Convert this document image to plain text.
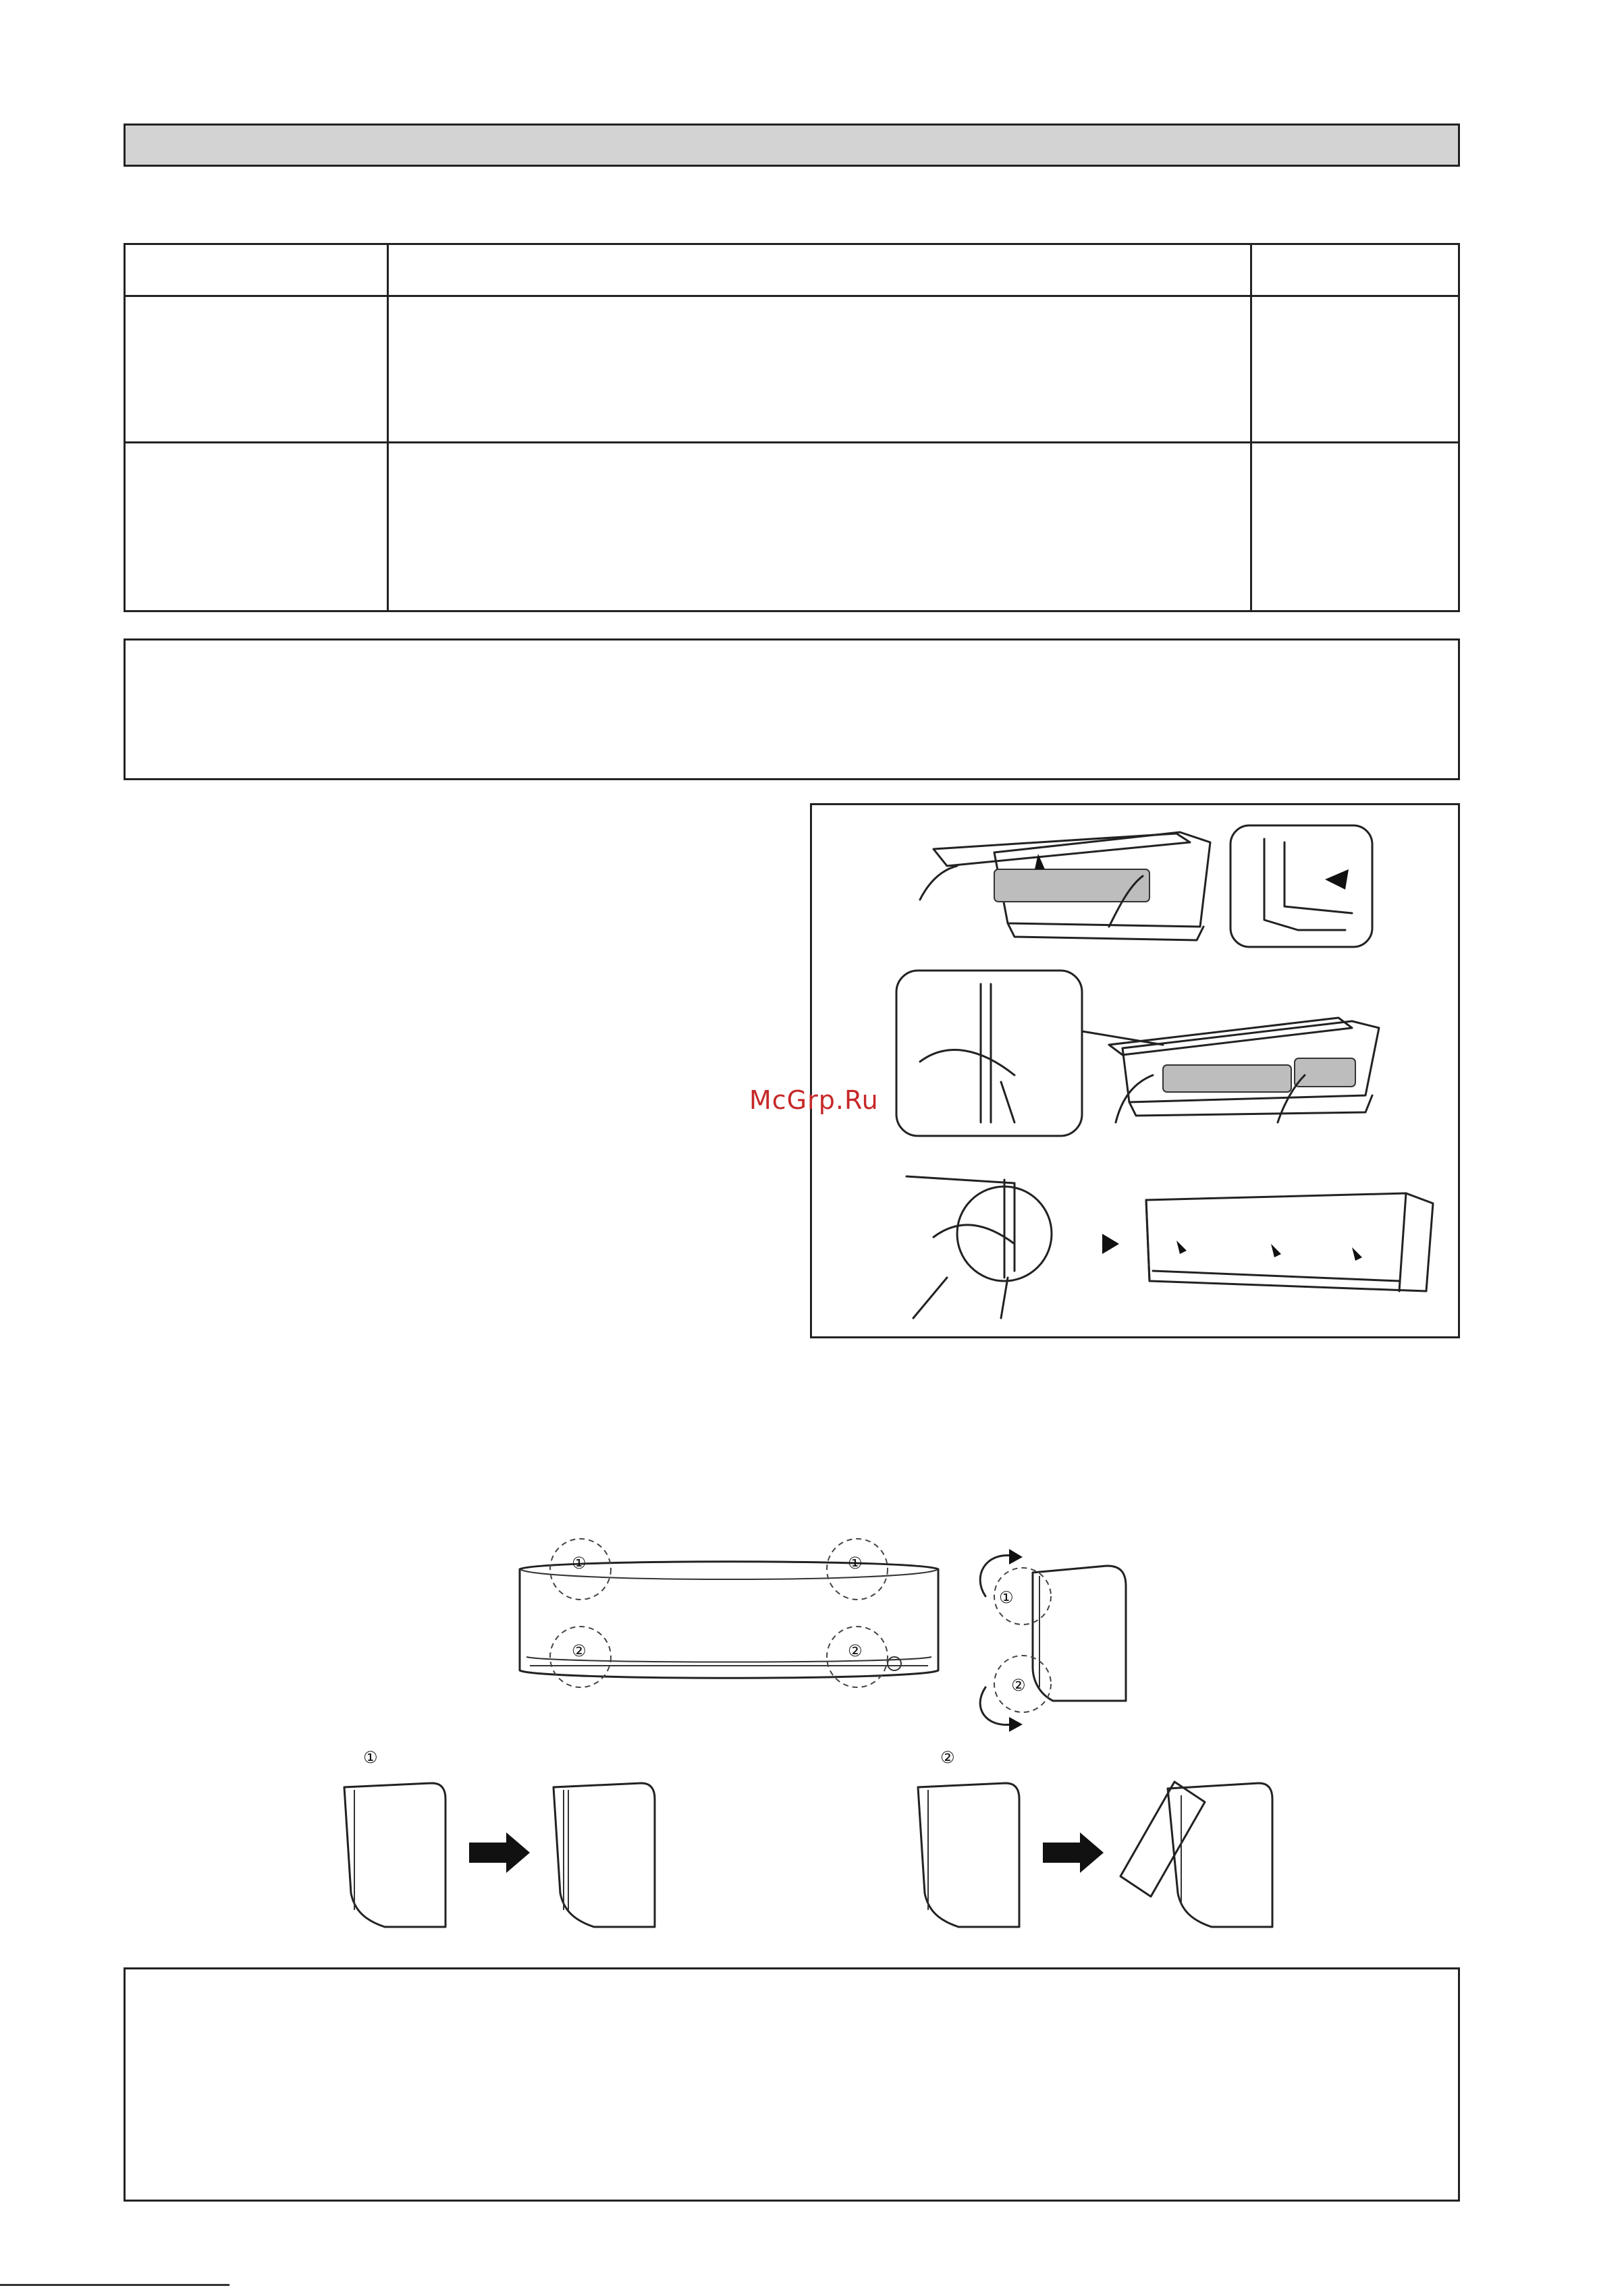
McGrp.Ru
①	①
②	②
①
②
①	②
